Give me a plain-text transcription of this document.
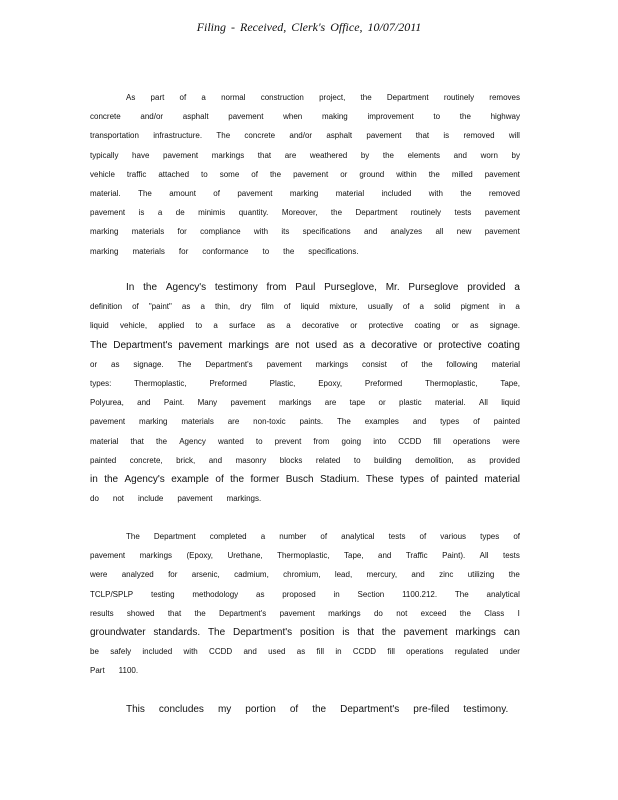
Filing - Received, Clerk's Office, 10/07/2011
As part of a normal construction project, the Department routinely removes
concrete and/or asphalt pavement when making improvement to the highway
transportation infrastructure. The concrete and/or asphalt pavement that is removed will
typically have pavement markings that are weathered by the elements and worn by
vehicle traffic attached to some of the pavement or ground within the milled pavement
material. The amount of pavement marking material included with the removed
pavement is a de minimis quantity. Moreover, the Department routinely tests pavement
marking materials for compliance with its specifications and analyzes all new pavement
marking materials for conformance to the specifications.
In the Agency's testimony from Paul Purseglove, Mr. Purseglove provided a
definition of "paint" as a thin, dry film of liquid mixture, usually of a solid pigment in a
liquid vehicle, applied to a surface as a decorative or protective coating or as signage.
The Department's pavement markings are not used as a decorative or protective coating
or as signage. The Department's pavement markings consist of the following material
types:	Thermoplastic,	Preformed	Plastic,	Epoxy,	Preformed	Thermoplastic,	Tape,
Polyurea, and Paint. Many pavement markings are tape or plastic material. All liquid
pavement marking materials are non-toxic paints. The examples and types of painted
material that the Agency wanted to prevent from going into CCDD fill operations were
painted concrete, brick, and masonry blocks related to building demolition, as provided
in the Agency's example of the former Busch Stadium. These types of painted material
do not include pavement markings.
The Department completed a number of analytical tests of various types of
pavement markings (Epoxy, Urethane, Thermoplastic, Tape, and Traffic Paint). All tests
were analyzed for arsenic, cadmium, chromium, lead, mercury, and zinc utilizing the
TCLP/SPLP testing methodology as proposed in Section 1100.212. The analytical
results showed that the Department's pavement markings do not exceed the Class I
groundwater standards. The Department's position is that the pavement markings can
be safely included with CCDD and used as fill in CCDD fill operations regulated under
Part 1100.
This concludes my portion of the Department's pre-filed testimony.
